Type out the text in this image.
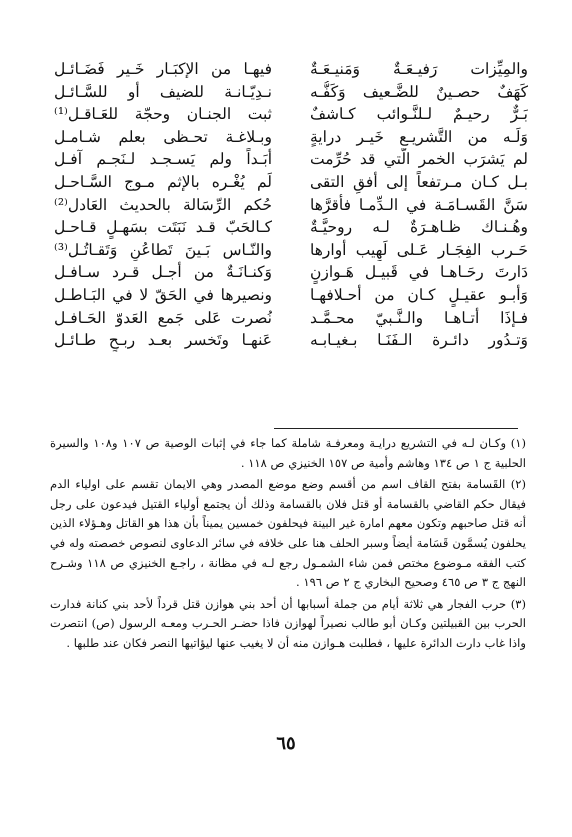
والمِيِّزات رَفيـعَـةٌ وَمَنيـعَـةٌ
كَهَفٌ حصـينٌ للضَّـعيف وَكَفُّـه
بَـرٌّ رحيـمٌ لـلنَّـوائب كـاشفٌ
وَلَـه من التَّشريـع خَيـر درايةٍ
لم يَشرَب الخمر الَّتي قد حُرِّمت
بـل كـان مـرتفعاً إلى أُفقِ التقى
سَنَّ القَسـامَـة في الـدِّمـا فأقرَّها
وهُـنـاك ظـاهـرَةٌ لـه روحيَّـةٌ
حَـرب الفِجَـار عَـلى لَهِيب أوارها
دَارتَ رحَـاهـا في قَبيـل هَـوازنٍ
وَأبـو عقيـلٍ كـان من أحـلافهـا
فـإذَا أتـاهـا والـنَّـبيّ محـمَّـد
وَتـدُور دائـرة الـفَنَـا بـغيـابـه
فيهـا من الإكبَـار خَـير فَضَـائـل
نـدِيّـانـة للضيف أو للسَّـائـل
ثبت الجنـان وحجّة للعَـاقـل⁽¹⁾
وبـلاغـة تحـظى بعلم شـامـل
أبَـداً ولم يَسـجـد لـنَجـم آفـل
لَم يُغْـره بالإثم مـوج السَّـاحـل
حُكم الرِّسَالة بالحديث العَادل⁽²⁾
كـالحَبّ قـد نَبَتَت بسَهـلٍ قـاحـل
والنّـاس بَـينَ تَطاعُنٍ وَتَقـاتُـل⁽³⁾
وَكنـانَـةٌ من أجـل قـرد سـافـل
ونصيرها في الحَقّ لا في البَـاطـل
نُصرت عَلى جَمع العَدوّ الحَـافـل
عَنهـا وتَخسر بعـد ربـحٍ طـائـل

(١) وكـان لـه في التشريع درايـة ومعرفـة شاملة كما جاء في إثبات الوصية ص ١٠٧ و١٠٨ والسيرة الحلبية ج ١ ص ١٣٤ وهاشم وأمية ص ١٥٧ الخنيزي ص ١١٨ .

(٢) القَسامة بفتح القاف اسم من أقسم وضع موضع المصدر وهي الايمان تقسم على اولياء الدم فيقال حكم القاضي بالقسامة أو قتل فلان بالقسامة وذلك أن يجتمع أولياء القتيل فيدعون على رجل أنه قتل صاحبهم وتكون معهم امارة غير البينة فيحلفون خمسين يميناً بأن هذا هو القاتل وهـؤلاء الذين يحلفون يُسمَّون قَسَامة أيضاً وسبر الحلف هنا على خلافه في سائر الدعاوى لنصوص خصصته وله في كتب الفقه مـوضوع مختص فمن شاء الشمـول رجع لـه في مظانة ، راجـع الخنيزي ص ١١٨ وشـرح النهج ج ٣ ص ٤٦٥ وصحيح البخاري ج ٢ ص ١٩٦ .

(٣) حرب الفجار هي ثلاثة أيام من جملة أسبابها أن أحد بني هوازن قتل قرداً لأحد بني كنانة فدارت الحرب بين القبيلتين وكـان أبو طالب نصيراً لهوازن فاذا حضـر الحـرب ومعـه الرسول (ص) انتصرت واذا غاب دارت الدائرة عليها ، فطلبت هـوازن منه أن لا يغيب عنها ليؤاتيها النصر فكان عند طلبها .

٦٥
